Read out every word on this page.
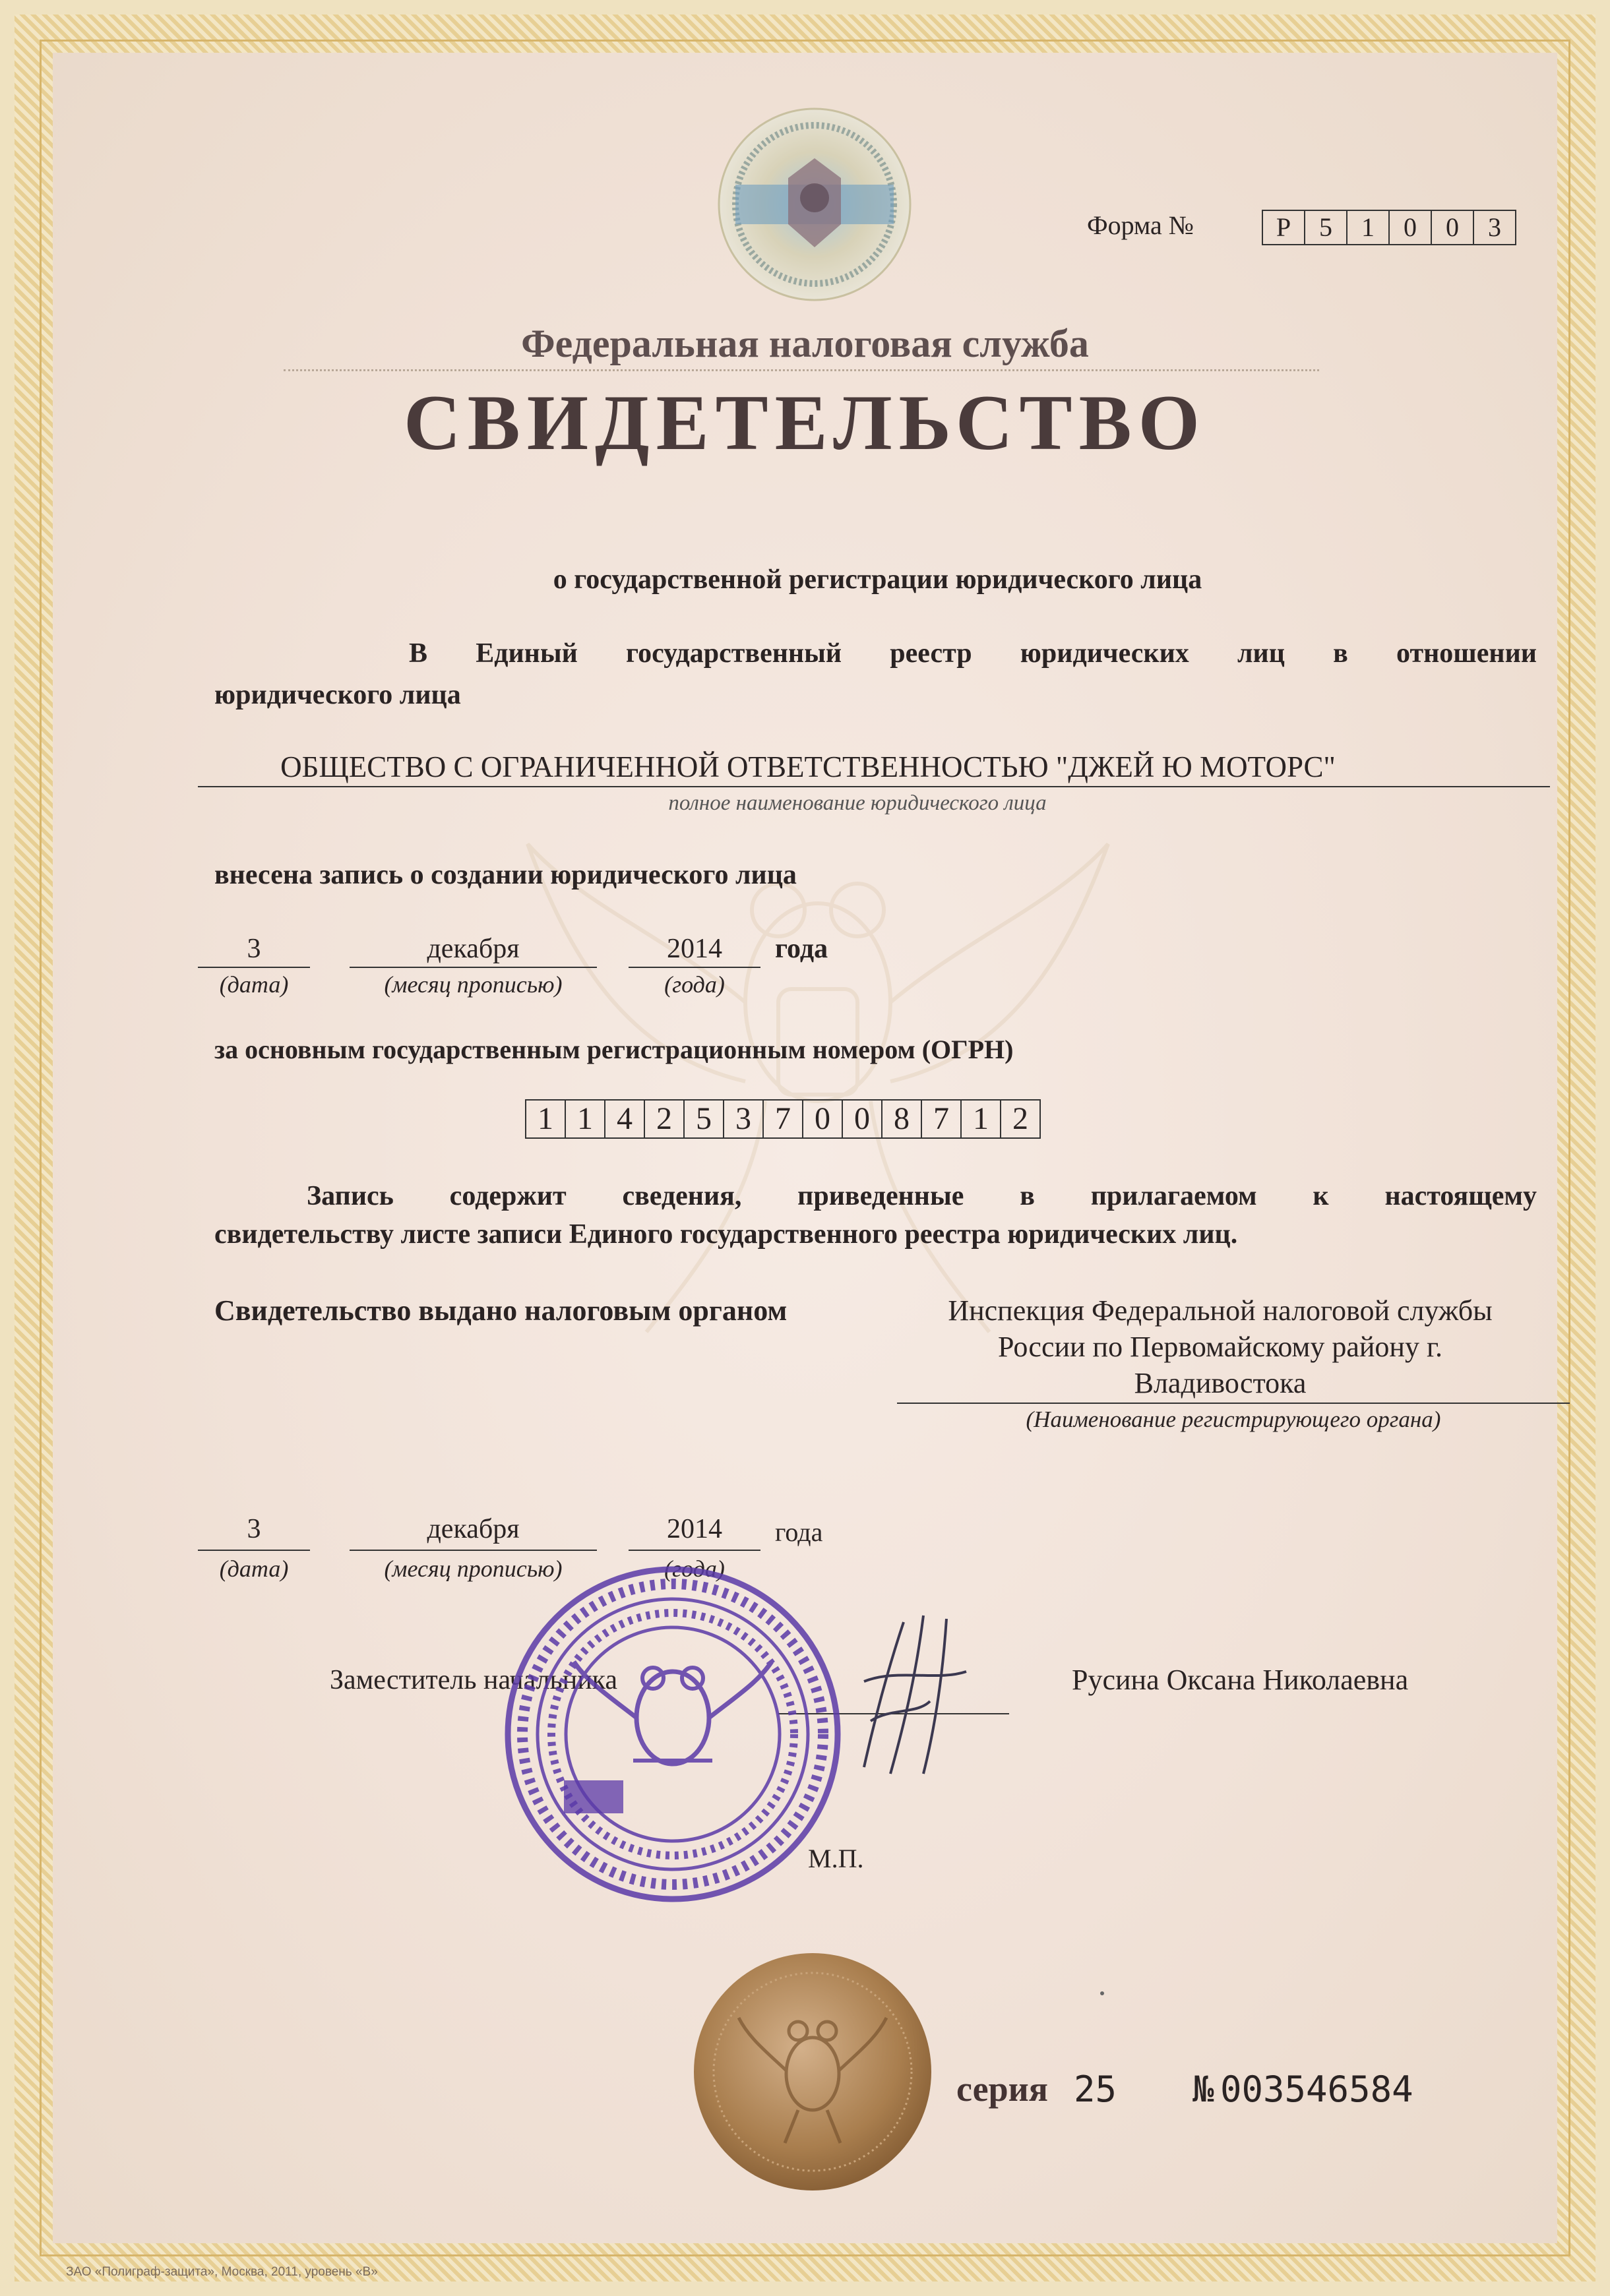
Форма №	Р	5	1	0	0	3
Федеральная налоговая служба
СВИДЕТЕЛЬСТВО
о государственной регистрации юридического лица
В Единый государственный реестр юридических лиц в отношении
юридического лица
ОБЩЕСТВО С ОГРАНИЧЕННОЙ ОТВЕТСТВЕННОСТЬЮ "ДЖЕЙ Ю МОТОРС"
полное наименование юридического лица
внесена запись о создании юридического лица
3	декабря	2014	года
(дата)	(месяц прописью)	(года)
за основным государственным регистрационным номером (ОГРН)
1 1 4 2 5 3 7 0 0 8 7 1 2
Запись содержит сведения, приведенные в прилагаемом к настоящему
свидетельству листе записи Единого государственного реестра юридических лиц.
Свидетельство выдано налоговым органом	Инспекция Федеральной налоговой службы
России по Первомайскому району г.
Владивостока
(Наименование регистрирующего органа)
3	декабря	2014	года
(дата)	(месяц прописью)	(года)
Заместитель начальника	Русина Оксана Николаевна
М.П.
серия 25 № 003546584
ЗАО «Полиграф-защита», Москва, 2011, уровень «В»
